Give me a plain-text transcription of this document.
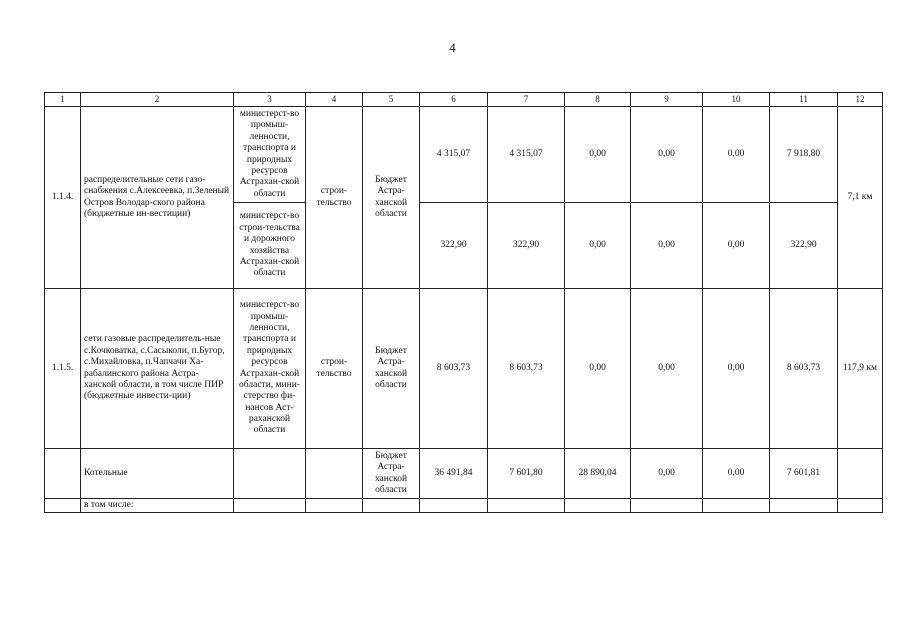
4
1	2	3	4	5	6	7	8	9	10	11	12
1.1.4.	распределительные сети газо-снабжения с.Алексеевка, п.Зеленый Остров Володар-ского района (бюджетные ин-вестиции)	министерст-во промыш-ленности, транспорта и природных ресурсов Астрахан-ской области	строи-тельство	Бюджет Астра-ханской области	4 315,07	4 315,07	0,00	0,00	0,00	7 918,80	7,1 км
		министерст-во строи-тельства и дорожного хозяйства Астрахан-ской области			322,90	322,90	0,00	0,00	0,00	322,90	
1.1.5.	сети газовые распределитель-ные с.Кочковатка, с.Сасыколи, п.Бугор, с.Михайловка, п.Чапчачи Ха-рабалинского района Астра-ханской области, в том числе ПИР (бюджетные инвести-ции)	министерст-во промыш-ленности, транспорта и природных ресурсов Астрахан-ской области, мини-стерство фи-нансов Аст-раханской области	строи-тельство	Бюджет Астра-ханской области	8 603,73	8 603,73	0,00	0,00	0,00	8 603,73	117,9 км
	Котельные			Бюджет Астра-ханской области	36 491,84	7 601,80	28 890,04	0,00	0,00	7 601,81	
	в том числе:										
